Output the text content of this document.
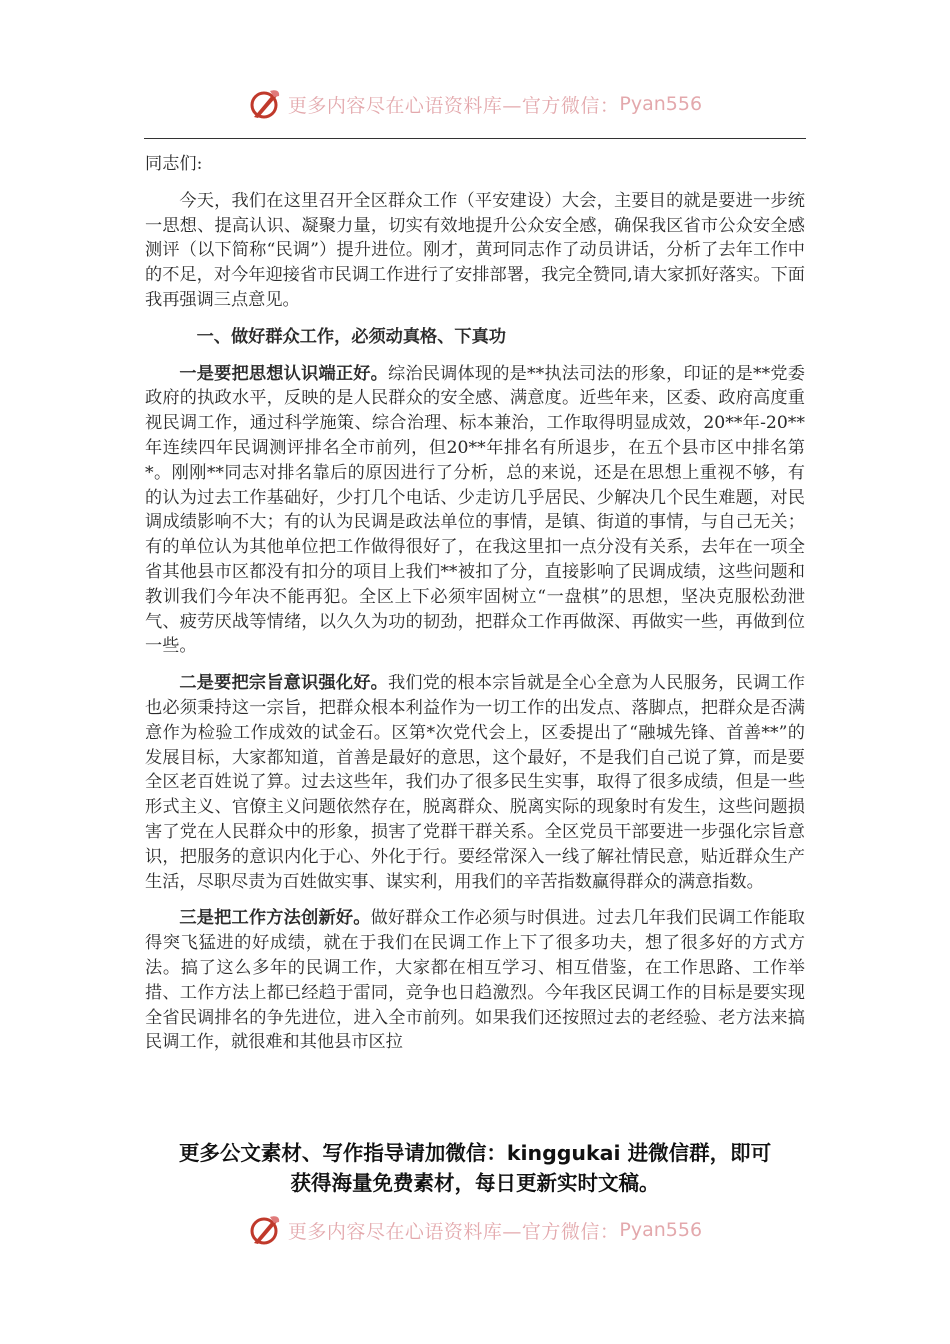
更多内容尽在心语资料库—官方微信： Pyan556

同志们:

今天，我们在这里召开全区群众工作（平安建设）大会，主要目的就是要进一步统一思想、提高认识、凝聚力量，切实有效地提升公众安全感，确保我区省市公众安全感测评（以下简称“民调”）提升进位。刚才，黄珂同志作了动员讲话，分析了去年工作中的不足，对今年迎接省市民调工作进行了安排部署，我完全赞同,请大家抓好落实。下面我再强调三点意见。

一、做好群众工作，必须动真格、下真功

一是要把思想认识端正好。综治民调体现的是**执法司法的形象，印证的是**党委政府的执政水平，反映的是人民群众的安全感、满意度。近些年来，区委、政府高度重视民调工作，通过科学施策、综合治理、标本兼治，工作取得明显成效，20**年-20**年连续四年民调测评排名全市前列，但20**年排名有所退步，在五个县市区中排名第*。刚刚**同志对排名靠后的原因进行了分析，总的来说，还是在思想上重视不够，有的认为过去工作基础好，少打几个电话、少走访几乎居民、少解决几个民生难题，对民调成绩影响不大；有的认为民调是政法单位的事情，是镇、街道的事情，与自己无关；有的单位认为其他单位把工作做得很好了，在我这里扣一点分没有关系，去年在一项全省其他县市区都没有扣分的项目上我们**被扣了分，直接影响了民调成绩，这些问题和教训我们今年决不能再犯。全区上下必须牢固树立“一盘棋”的思想，坚决克服松劲泄气、疲劳厌战等情绪，以久久为功的韧劲，把群众工作再做深、再做实一些，再做到位一些。

二是要把宗旨意识强化好。我们党的根本宗旨就是全心全意为人民服务，民调工作也必须秉持这一宗旨，把群众根本利益作为一切工作的出发点、落脚点，把群众是否满意作为检验工作成效的试金石。区第*次党代会上，区委提出了“融城先锋、首善**”的发展目标，大家都知道，首善是最好的意思，这个最好，不是我们自己说了算，而是要全区老百姓说了算。过去这些年，我们办了很多民生实事，取得了很多成绩，但是一些形式主义、官僚主义问题依然存在，脱离群众、脱离实际的现象时有发生，这些问题损害了党在人民群众中的形象，损害了党群干群关系。全区党员干部要进一步强化宗旨意识，把服务的意识内化于心、外化于行。要经常深入一线了解社情民意，贴近群众生产生活，尽职尽责为百姓做实事、谋实利，用我们的辛苦指数赢得群众的满意指数。

三是把工作方法创新好。做好群众工作必须与时俱进。过去几年我们民调工作能取得突飞猛进的好成绩，就在于我们在民调工作上下了很多功夫，想了很多好的方式方法。搞了这么多年的民调工作，大家都在相互学习、相互借鉴，在工作思路、工作举措、工作方法上都已经趋于雷同，竞争也日趋激烈。今年我区民调工作的目标是要实现全省民调排名的争先进位，进入全市前列。如果我们还按照过去的老经验、老方法来搞民调工作，就很难和其他县市区拉

更多公文素材、写作指导请加微信：kinggukai 进微信群，即可
获得海量免费素材，每日更新实时文稿。
更多内容尽在心语资料库—官方微信： Pyan556
